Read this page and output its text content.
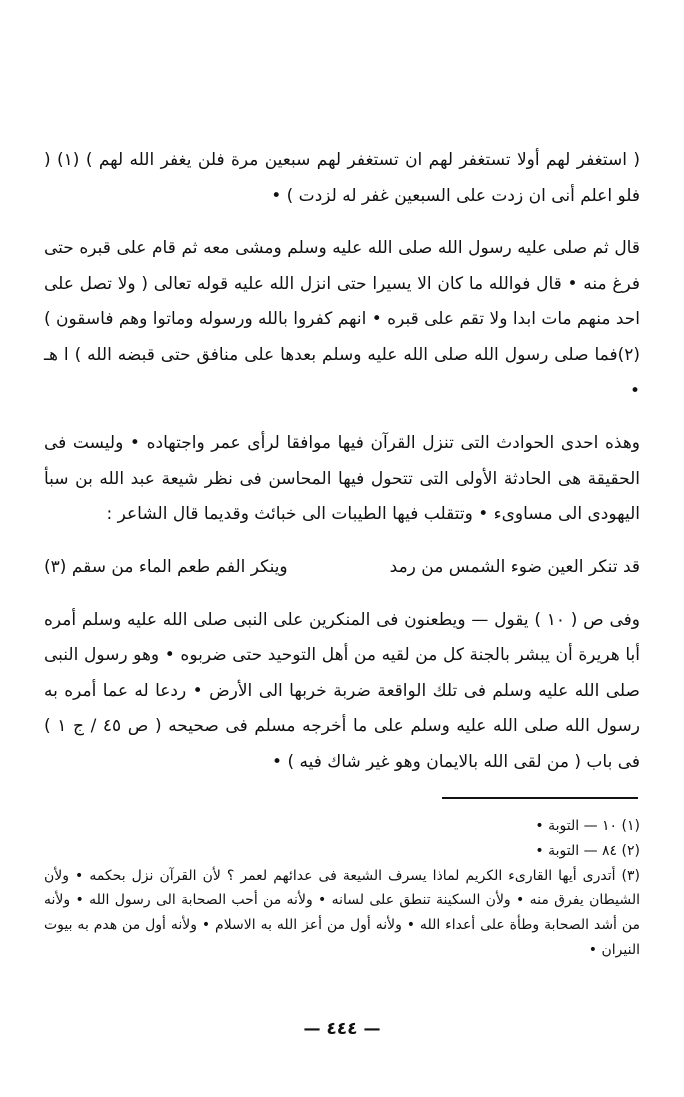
( استغفر لهم أولا تستغفر لهم ان تستغفر لهم سبعين مرة فلن يغفر الله لهم ) (١) ( فلو اعلم أنى ان زدت على السبعين غفر له لزدت ) •

قال ثم صلى عليه رسول الله صلى الله عليه وسلم ومشى معه ثم قام على قبره حتى فرغ منه • قال فوالله ما كان الا يسيرا حتى انزل الله عليه قوله تعالى ( ولا تصل على احد منهم مات ابدا ولا تقم على قبره • انهم كفروا بالله ورسوله وماتوا وهم فاسقون ) (٢)فما صلى رسول الله صلى الله عليه وسلم بعدها على منافق حتى قبضه الله ) ا هـ •

وهذه احدى الحوادث التى تنزل القرآن فيها موافقا لرأى عمر واجتهاده • وليست فى الحقيقة هى الحادثة الأولى التى تتحول فيها المحاسن فى نظر شيعة عبد الله بن سبأ اليهودى الى مساوىء • وتتقلب فيها الطيبات الى خبائث وقديما قال الشاعر :

قد تنكر العين ضوء الشمس من رمد
وينكر الفم طعم الماء من سقم (٣)

وفى ص ( ١٠ ) يقول — ويطعنون فى المنكرين على النبى صلى الله عليه وسلم أمره أبا هريرة أن يبشر بالجنة كل من لقيه من أهل التوحيد حتى ضربوه • وهو رسول النبى صلى الله عليه وسلم فى تلك الواقعة ضربة خربها الى الأرض • ردعا له عما أمره به رسول الله صلى الله عليه وسلم على ما أخرجه مسلم فى صحيحه ( ص ٤٥ / ج ١ ) فى باب ( من لقى الله بالايمان وهو غير شاك فيه ) •

(١) ١٠ — التوبة •

(٢) ٨٤ — التوبة •

(٣) أتدرى أيها القارىء الكريم لماذا يسرف الشيعة فى عدائهم لعمر ؟ لأن القرآن نزل بحكمه • ولأن الشيطان يفرق منه • ولأن السكينة تنطق على لسانه • ولأنه من أحب الصحابة الى رسول الله • ولأنه من أشد الصحابة وطأة على أعداء الله • ولأنه أول من أعز الله به الاسلام • ولأنه أول من هدم به بيوت النيران •

— ٤٤٤ —
